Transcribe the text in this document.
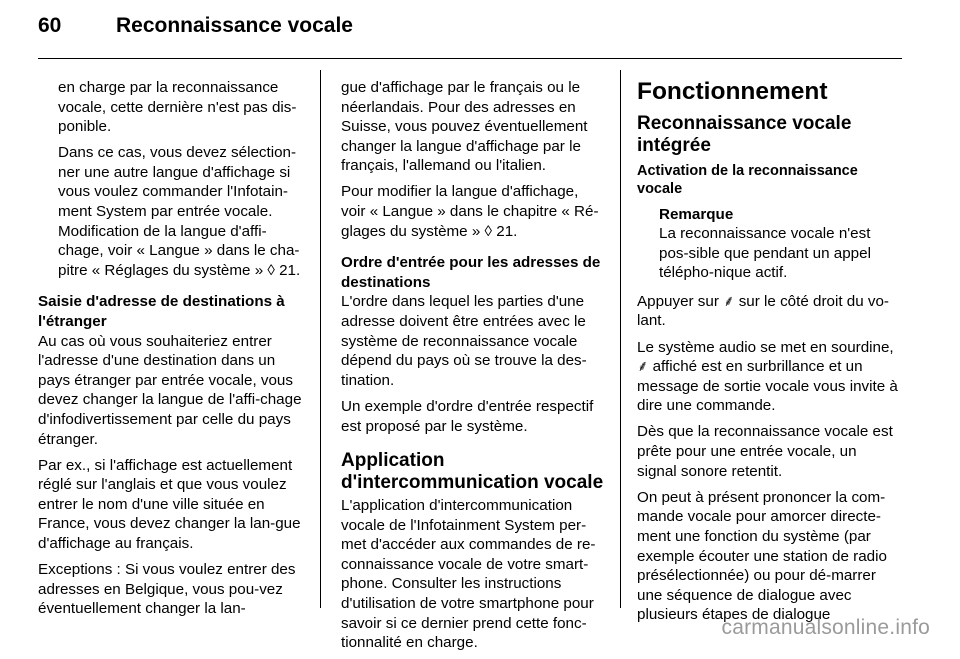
60	Reconnaissance vocale

en charge par la reconnaissance vocale, cette dernière n'est pas dis-ponible.

Dans ce cas, vous devez sélection-ner une autre langue d'affichage si vous voulez commander l'Infotain-ment System par entrée vocale. Modification de la langue d'affi-chage, voir « Langue » dans le cha-pitre « Réglages du système » ◊ 21.

Saisie d'adresse de destinations à l'étranger

Au cas où vous souhaiteriez entrer l'adresse d'une destination dans un pays étranger par entrée vocale, vous devez changer la langue de l'affi-chage d'infodivertissement par celle du pays étranger.

Par ex., si l'affichage est actuellement réglé sur l'anglais et que vous voulez entrer le nom d'une ville située en France, vous devez changer la lan-gue d'affichage au français.

Exceptions : Si vous voulez entrer des adresses en Belgique, vous pou-vez éventuellement changer la lan-

gue d'affichage par le français ou le néerlandais. Pour des adresses en Suisse, vous pouvez éventuellement changer la langue d'affichage par le français, l'allemand ou l'italien.

Pour modifier la langue d'affichage, voir « Langue » dans le chapitre « Ré-glages du système » ◊ 21.

Ordre d'entrée pour les adresses de destinations

L'ordre dans lequel les parties d'une adresse doivent être entrées avec le système de reconnaissance vocale dépend du pays où se trouve la des-tination.

Un exemple d'ordre d'entrée respectif est proposé par le système.

Application d'intercommunication vocale

L'application d'intercommunication vocale de l'Infotainment System per-met d'accéder aux commandes de re-connaissance vocale de votre smart-phone. Consulter les instructions d'utilisation de votre smartphone pour savoir si ce dernier prend cette fonc-tionnalité en charge.

Fonctionnement

Reconnaissance vocale intégrée

Activation de la reconnaissance vocale

Remarque
La reconnaissance vocale n'est pos-sible que pendant un appel télépho-nique actif.

Appuyer sur ⸙ sur le côté droit du vo-lant.

Le système audio se met en sourdine, ⸙ affiché est en surbrillance et un message de sortie vocale vous invite à dire une commande.

Dès que la reconnaissance vocale est prête pour une entrée vocale, un signal sonore retentit.

On peut à présent prononcer la com-mande vocale pour amorcer directe-ment une fonction du système (par exemple écouter une station de radio présélectionnée) ou pour dé-marrer une séquence de dialogue avec plusieurs étapes de dialogue

carmanualsonline.info
